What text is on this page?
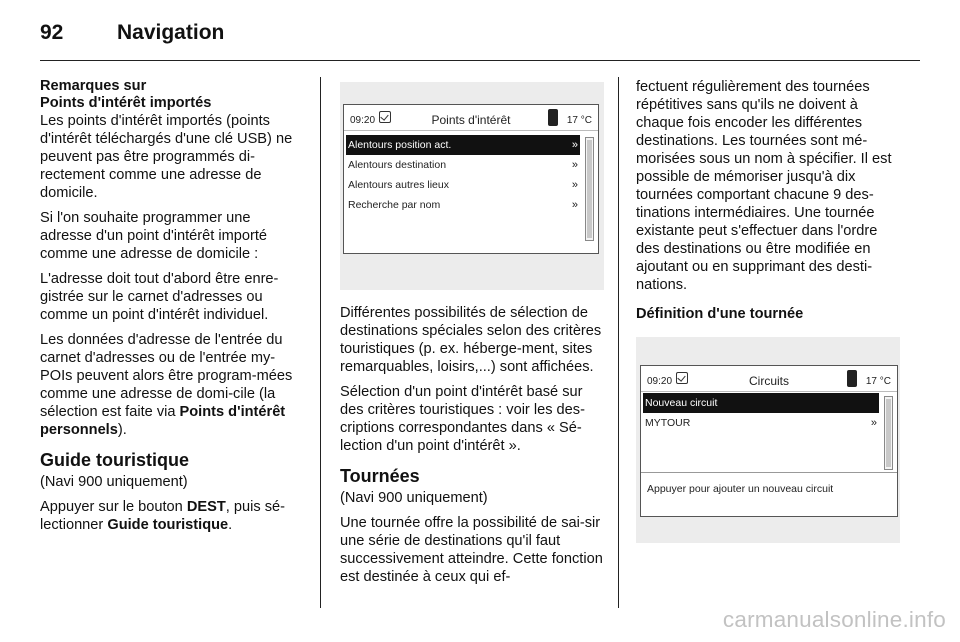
92	Navigation
Remarques sur
Points d'intérêt importés

Les points d'intérêt importés (points d'intérêt téléchargés d'une clé USB) ne peuvent pas être programmés di-rectement comme une adresse de domicile.

Si l'on souhaite programmer une adresse d'un point d'intérêt importé comme une adresse de domicile :

L'adresse doit tout d'abord être enre-gistrée sur le carnet d'adresses ou comme un point d'intérêt individuel.

Les données d'adresse de l'entrée du carnet d'adresses ou de l'entrée my-POIs peuvent alors être program-mées comme une adresse de domi-cile (la sélection est faite via Points d'intérêt personnels).

Guide touristique

(Navi 900 uniquement)

Appuyer sur le bouton DEST, puis sé-lectionner Guide touristique.

09:20	Points d'intérêt	17 °C
Alentours position act.	»
Alentours destination	»
Alentours autres lieux	»
Recherche par nom	»

Différentes possibilités de sélection de destinations spéciales selon des critères touristiques (p. ex. héberge-ment, sites remarquables, loisirs,...) sont affichées.

Sélection d'un point d'intérêt basé sur des critères touristiques : voir les des-criptions correspondantes dans « Sé-lection d'un point d'intérêt ».

Tournées

(Navi 900 uniquement)

Une tournée offre la possibilité de sai-sir une série de destinations qu'il faut successivement atteindre. Cette fonction est destinée à ceux qui ef-

fectuent régulièrement des tournées répétitives sans qu'ils ne doivent à chaque fois encoder les différentes destinations. Les tournées sont mé-morisées sous un nom à spécifier. Il est possible de mémoriser jusqu'à dix tournées comportant chacune 9 des-tinations intermédiaires. Une tournée existante peut s'effectuer dans l'ordre des destinations ou être modifiée en ajoutant ou en supprimant des desti-nations.

Définition d'une tournée
09:20	Circuits	17 °C
Nouveau circuit
MYTOUR	»
Appuyer pour ajouter un nouveau circuit
carmanualsonline.info
